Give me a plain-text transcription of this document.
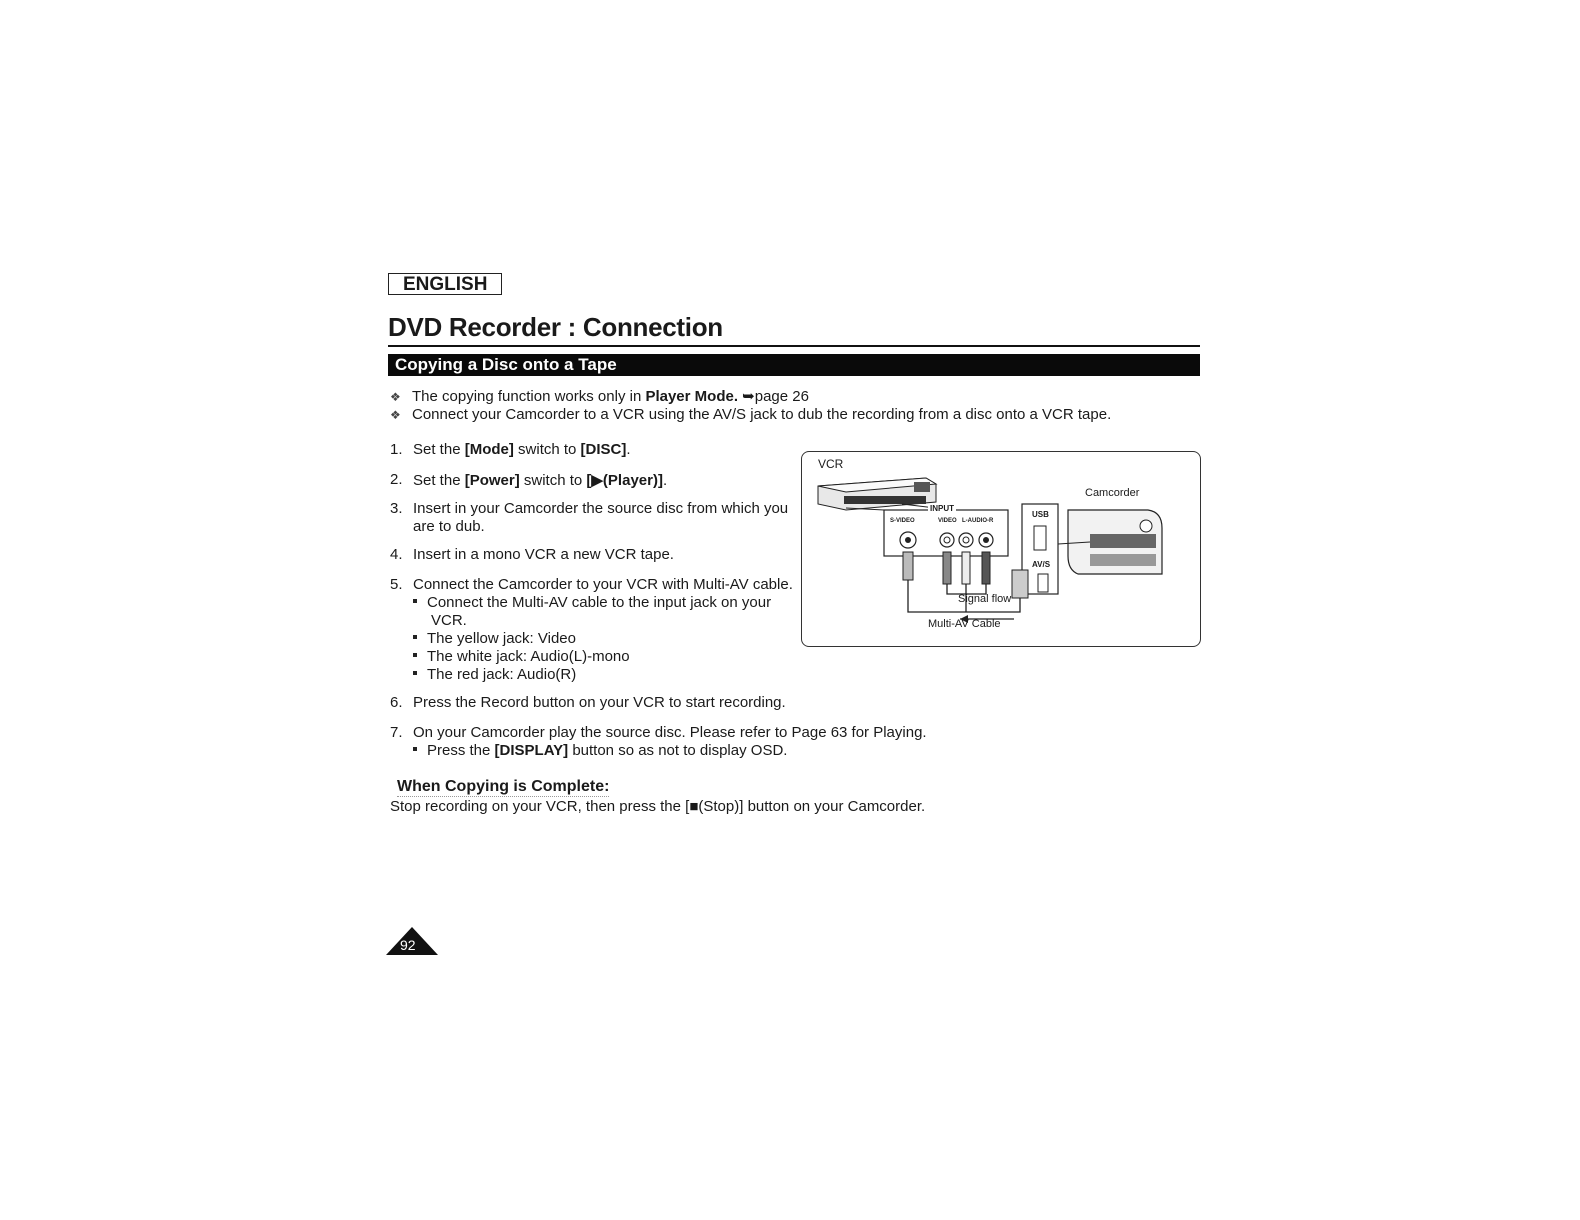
ENGLISH
DVD Recorder : Connection
Copying a Disc onto a Tape
❖ The copying function works only in Player Mode. ➥page 26
❖ Connect your Camcorder to a VCR using the AV/S jack to dub the recording from a disc onto a VCR tape.
1. Set the [Mode] switch to [DISC].
2. Set the [Power] switch to [▶(Player)].
3. Insert in your Camcorder the source disc from which you
are to dub.
4. Insert in a mono VCR a new VCR tape.
5. Connect the Camcorder to your VCR with Multi-AV cable.
Connect the Multi-AV cable to the input jack on your
VCR.
The yellow jack: Video
The white jack: Audio(L)-mono
The red jack: Audio(R)
6. Press the Record button on your VCR to start recording.
7. On your Camcorder play the source disc. Please refer to Page 63 for Playing.
Press the [DISPLAY] button so as not to display OSD.
When Copying is Complete:
Stop recording on your VCR, then press the [■(Stop)] button on your Camcorder.
VCR
Camcorder
INPUT
S-VIDEO	VIDEO L-AUDIO-R
USB
AV/S
Signal flow
Multi-AV Cable
92
